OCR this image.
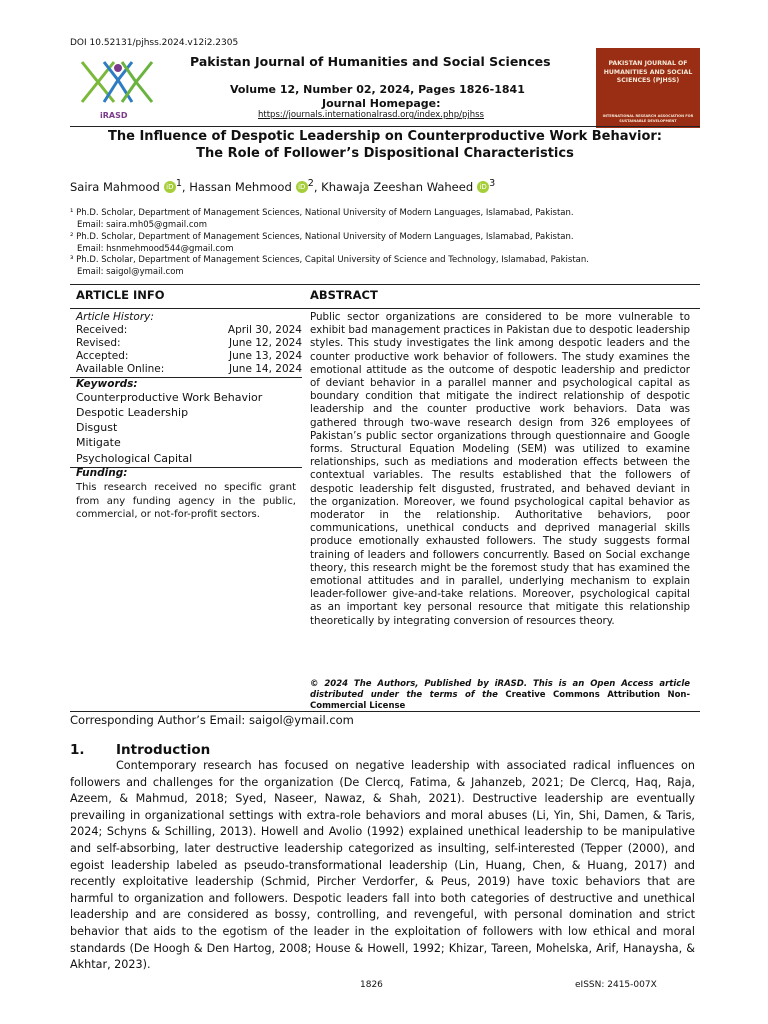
DOI 10.52131/pjhss.2024.v12i2.2305
iRASD
Pakistan Journal of Humanities and Social Sciences
Volume 12, Number 02, 2024, Pages 1826-1841
Journal Homepage:
https://journals.internationalrasd.org/index.php/pjhss
PAKISTAN JOURNAL OF HUMANITIES AND SOCIAL SCIENCES (PJHSS)
INTERNATIONAL RESEARCH ASSOCIATION FOR SUSTAINABLE DEVELOPMENT
The Influence of Despotic Leadership on Counterproductive Work Behavior:
The Role of Follower’s Dispositional Characteristics
Saira Mahmood iD $^1$, Hassan Mehmood iD $^2$, Khawaja Zeeshan Waheed iD $^3$
¹ Ph.D. Scholar, Department of Management Sciences, National University of Modern Languages, Islamabad, Pakistan.
Email: saira.mh05@gmail.com
² Ph.D. Scholar, Department of Management Sciences, National University of Modern Languages, Islamabad, Pakistan.
Email: hsnmehmood544@gmail.com
³ Ph.D. Scholar, Department of Management Sciences, Capital University of Science and Technology, Islamabad, Pakistan.
Email: saigol@ymail.com
ARTICLE INFO	ABSTRACT
Article History:
Received:	April 30, 2024
Revised:	June 12, 2024
Accepted:	June 13, 2024
Available Online:	June 14, 2024
Keywords:
Counterproductive Work Behavior
Despotic Leadership
Disgust
Mitigate
Psychological Capital
Funding:
This research received no specific grant from any funding agency in the public, commercial, or not-for-profit sectors.
Public sector organizations are considered to be more vulnerable to exhibit bad management practices in Pakistan due to despotic leadership styles. This study investigates the link among despotic leaders and the counter productive work behavior of followers. The study examines the emotional attitude as the outcome of despotic leadership and predictor of deviant behavior in a parallel manner and psychological capital as boundary condition that mitigate the indirect relationship of despotic leadership and the counter productive work behaviors. Data was gathered through two-wave research design from 326 employees of Pakistan’s public sector organizations through questionnaire and Google forms. Structural Equation Modeling (SEM) was utilized to examine relationships, such as mediations and moderation effects between the contextual variables. The results established that the followers of despotic leadership felt disgusted, frustrated, and behaved deviant in the organization. Moreover, we found psychological capital behavior as moderator in the relationship. Authoritative behaviors, poor communications, unethical conducts and deprived managerial skills produce emotionally exhausted followers. The study suggests formal training of leaders and followers concurrently. Based on Social exchange theory, this research might be the foremost study that has examined the emotional attitudes and in parallel, underlying mechanism to explain leader-follower give-and-take relations. Moreover, psychological capital as an important key personal resource that mitigate this relationship theoretically by integrating conversion of resources theory.
© 2024 The Authors, Published by iRASD. This is an Open Access article distributed under the terms of the Creative Commons Attribution Non-Commercial License
Corresponding Author’s Email: saigol@ymail.com
1. Introduction
Contemporary research has focused on negative leadership with associated radical influences on followers and challenges for the organization (De Clercq, Fatima, & Jahanzeb, 2021; De Clercq, Haq, Raja, Azeem, & Mahmud, 2018; Syed, Naseer, Nawaz, & Shah, 2021). Destructive leadership are eventually prevailing in organizational settings with extra-role behaviors and moral abuses (Li, Yin, Shi, Damen, & Taris, 2024; Schyns & Schilling, 2013). Howell and Avolio (1992) explained unethical leadership to be manipulative and self-absorbing, later destructive leadership categorized as insulting, self-interested (Tepper (2000), and egoist leadership labeled as pseudo-transformational leadership (Lin, Huang, Chen, & Huang, 2017) and recently exploitative leadership (Schmid, Pircher Verdorfer, & Peus, 2019) have toxic behaviors that are harmful to organization and followers. Despotic leaders fall into both categories of destructive and unethical leadership and are considered as bossy, controlling, and revengeful, with personal domination and strict behavior that aids to the egotism of the leader in the exploitation of followers with low ethical and moral standards (De Hoogh & Den Hartog, 2008; House & Howell, 1992; Khizar, Tareen, Mohelska, Arif, Hanaysha, & Akhtar, 2023).
1826	eISSN: 2415-007X
